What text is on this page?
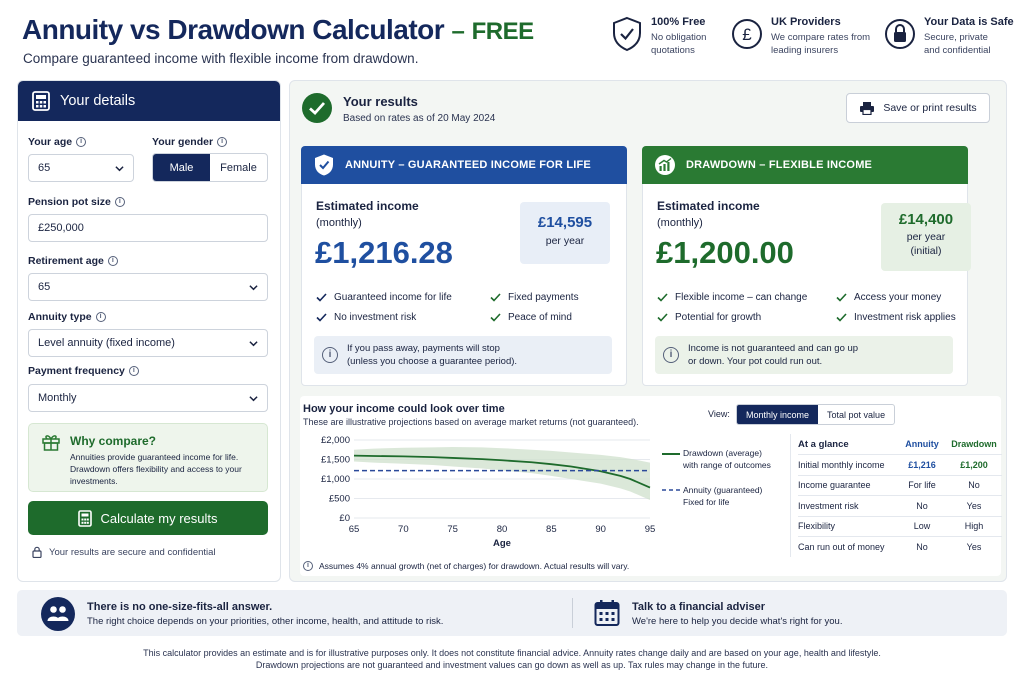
Annuity vs Drawdown Calculator – FREE
Compare guaranteed income with flexible income from drawdown.
100% Free
No obligation
quotations
£
UK Providers
We compare rates from
leading insurers
Your Data is Safe
Secure, private
and confidential
Your details
Your age	i
65
Your gender	i
Male	Female
Pension pot size	i
£250,000
Retirement age	i
65
Annuity type	i
Level annuity (fixed income)
Payment frequency	i
Monthly
Why compare?
Annuities provide guaranteed income for life.
Drawdown offers flexibility and access to your
investments.
Calculate my results
Your results are secure and confidential
Your results
Based on rates as of 20 May 2024
Save or print results
ANNUITY – GUARANTEED INCOME FOR LIFE
Estimated income
(monthly)
£1,216.28
£14,595
per year
Guaranteed income for life	Fixed payments
No investment risk	Peace of mind
i
If you pass away, payments will stop
(unless you choose a guarantee period).
DRAWDOWN – FLEXIBLE INCOME
Estimated income
(monthly)
£1,200.00
£14,400
per year
(initial)
Flexible income – can change	Access your money
Potential for growth	Investment risk applies
i
Income is not guaranteed and can go up
or down. Your pot could run out.
How your income could look over time
These are illustrative projections based on average market returns (not guaranteed).
View:	Monthly income	Total pot value
£0
£500
£1,000
£1,500
£2,000
65	70	75	80	85	90	95
Age
Drawdown (average)
with range of outcomes
Annuity (guaranteed)
Fixed for life
At a glance	Annuity	Drawdown
Initial monthly income	£1,216	£1,200
Income guarantee	For life	No
Investment risk	No	Yes
Flexibility	Low	High
Can run out of money	No	Yes
i	Assumes 4% annual growth (net of charges) for drawdown. Actual results will vary.
There is no one-size-fits-all answer.
The right choice depends on your priorities, other income, health, and attitude to risk.
Talk to a financial adviser
We're here to help you decide what's right for you.
This calculator provides an estimate and is for illustrative purposes only. It does not constitute financial advice. Annuity rates change daily and are based on your age, health and lifestyle.
Drawdown projections are not guaranteed and investment values can go down as well as up. Tax rules may change in the future.
